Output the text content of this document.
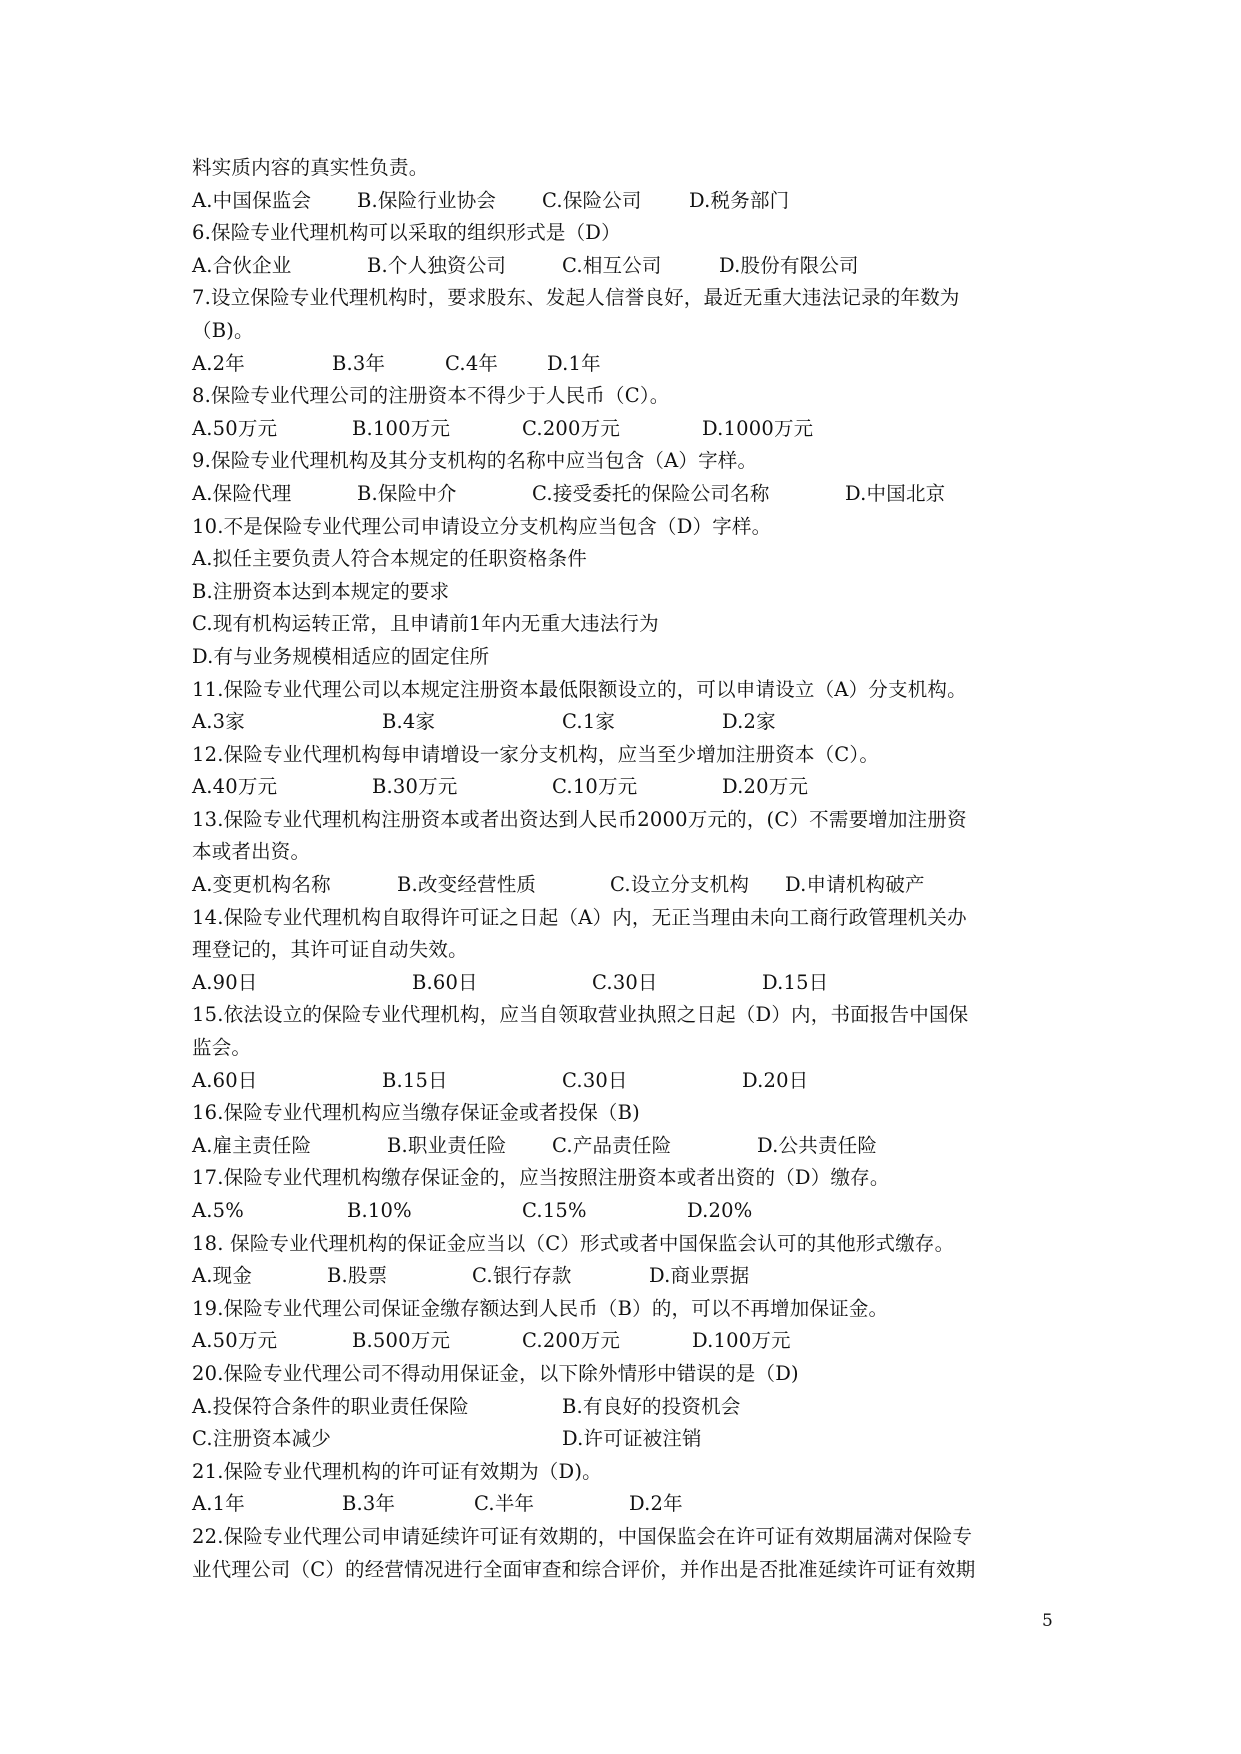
料实质内容的真实性负责。
A.中国保监会 B.保险行业协会 C.保险公司 D.税务部门
6.保险专业代理机构可以采取的组织形式是（D）
A.合伙企业	B.个人独资公司	C.相互公司	D.股份有限公司
7.设立保险专业代理机构时，要求股东、发起人信誉良好，最近无重大违法记录的年数为
（B)。
A.2年	B.3年	C.4年	D.1年
8.保险专业代理公司的注册资本不得少于人民币（C）。
A.50万元	B.100万元	C.200万元	D.1000万元
9.保险专业代理机构及其分支机构的名称中应当包含（A）字样。
A.保险代理	B.保险中介	C.接受委托的保险公司名称	D.中国北京
10.不是保险专业代理公司申请设立分支机构应当包含（D）字样。
A.拟任主要负责人符合本规定的任职资格条件
B.注册资本达到本规定的要求
C.现有机构运转正常，且申请前1年内无重大违法行为
D.有与业务规模相适应的固定住所
11.保险专业代理公司以本规定注册资本最低限额设立的，可以申请设立（A）分支机构。
A.3家	B.4家	C.1家	D.2家
12.保险专业代理机构每申请增设一家分支机构，应当至少增加注册资本（C）。
A.40万元	B.30万元	C.10万元	D.20万元
13.保险专业代理机构注册资本或者出资达到人民币2000万元的，(C）不需要增加注册资
本或者出资。
A.变更机构名称	B.改变经营性质	C.设立分支机构 D.申请机构破产
14.保险专业代理机构自取得许可证之日起（A）内，无正当理由未向工商行政管理机关办
理登记的，其许可证自动失效。
A.90日	B.60日	C.30日	D.15日
15.依法设立的保险专业代理机构，应当自领取营业执照之日起（D）内，书面报告中国保
监会。
A.60日	B.15日	C.30日	D.20日
16.保险专业代理机构应当缴存保证金或者投保（B)
A.雇主责任险	B.职业责任险 C.产品责任险	D.公共责任险
17.保险专业代理机构缴存保证金的，应当按照注册资本或者出资的（D）缴存。
A.5%	B.10%	C.15%	D.20%
18. 保险专业代理机构的保证金应当以（C）形式或者中国保监会认可的其他形式缴存。
A.现金	B.股票	C.银行存款	D.商业票据
19.保险专业代理公司保证金缴存额达到人民币（B）的，可以不再增加保证金。
A.50万元	B.500万元	C.200万元	D.100万元
20.保险专业代理公司不得动用保证金，以下除外情形中错误的是（D)
A.投保符合条件的职业责任保险	B.有良好的投资机会
C.注册资本减少	D.许可证被注销
21.保险专业代理机构的许可证有效期为（D)。
A.1年	B.3年	C.半年	D.2年
22.保险专业代理公司申请延续许可证有效期的，中国保监会在许可证有效期届满对保险专
业代理公司（C）的经营情况进行全面审查和综合评价，并作出是否批准延续许可证有效期
5
